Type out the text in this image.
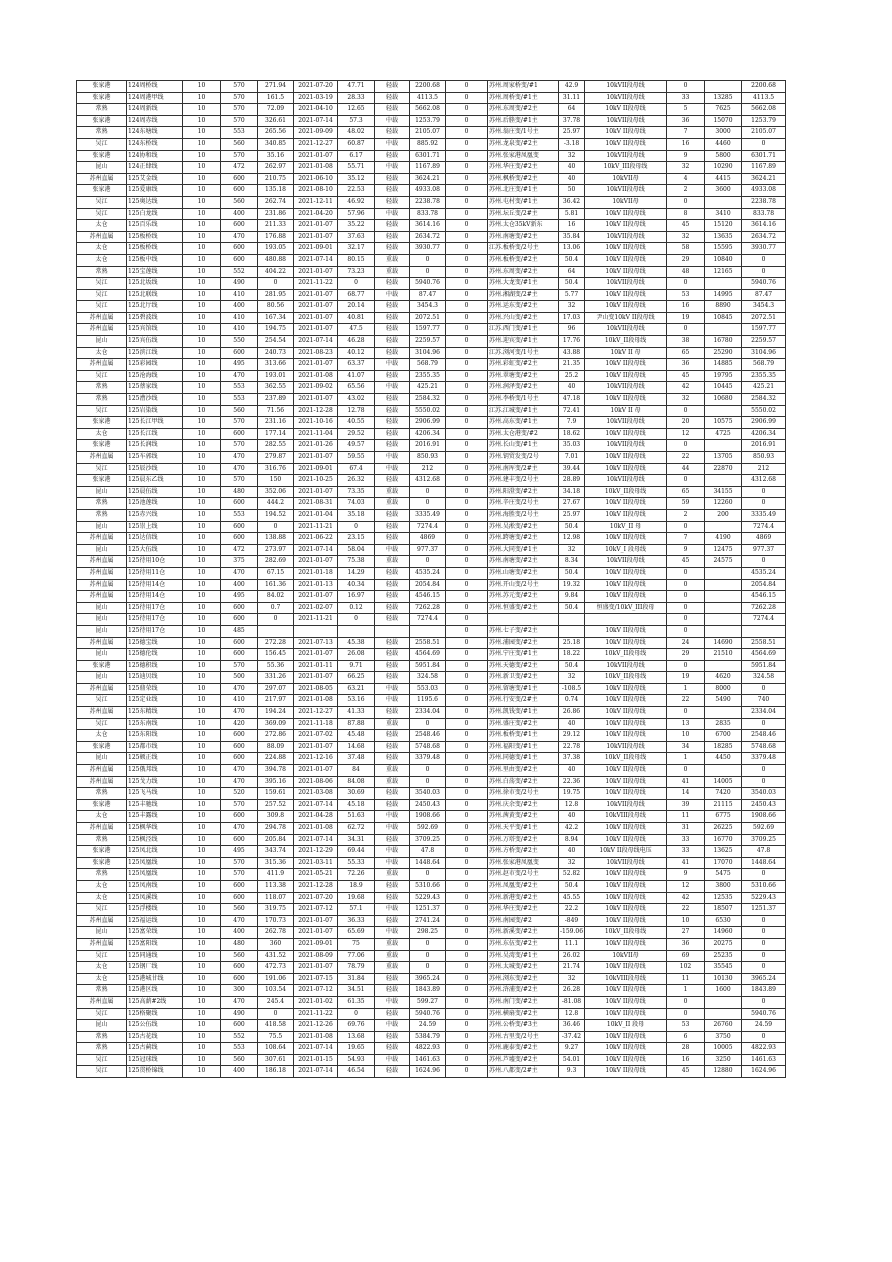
张家港	124周桥线	10	570	271.94	2021-07-20	47.71	轻载	2200.68	0	苏州.周家桥变/#1	42.9	10kVII段母线	0		2200.68
张家港	124周港甲线	10	570	161.5	2021-03-19	28.33	轻载	4113.5	0	苏州.周桥变/#1主	31.11	10kVII段母线	33	13285	4113.5
常熟	124周新线	10	570	72.09	2021-04-10	12.65	轻载	5662.08	0	苏州.东周变/#2主	64	10kV II段母线	5	7625	5662.08
张家港	124周赤线	10	570	326.61	2021-07-14	57.3	中载	1253.79	0	苏州.后塍变/#1主	37.78	10kVII段母线	36	15070	1253.79
常熟	124东塘线	10	553	265.56	2021-09-09	48.02	轻载	2105.07	0	苏州.翁庄变/1号主	25.97	10kV II段母线	7	3000	2105.07
吴江	124东桥线	10	560	340.85	2021-12-27	60.87	中载	885.92	0	苏州.龙泉变/#2主	-3.18	10kV II段母线	16	4460	0
张家港	124协和线	10	570	35.16	2021-01-07	6.17	轻载	6301.71	0	苏州.张家港凤凰变	32	10kVII段母线	9	5800	6301.71
昆山	124正肆线	10	472	262.97	2021-01-08	55.71	中载	1167.89	0	苏州.华庄变/#2主	40	10kV_III段母线	32	10290	1167.89
苏州直属	125艾金线	10	600	210.75	2021-06-10	35.12	轻载	3624.21	0	苏州.枫桥变/#2主	40	10kVII母	4	4415	3624.21
张家港	125爱康线	10	600	135.18	2021-08-10	22.53	轻载	4933.08	0	苏州.北庄变/#1主	50	10kVII段母线	2	3600	4933.08
吴江	125奥达线	10	560	262.74	2021-12-11	46.92	轻载	2238.78	0	苏州.屯村变/#1主	36.42	10kVII母	0		2238.78
吴江	125白龙线	10	400	231.86	2021-04-20	57.96	中载	833.78	0	苏州.坛丘变/2#主	5.81	10kV II段母线	8	3410	833.78
太仓	125百乐线	10	600	211.33	2021-01-07	35.22	轻载	3614.16	0	苏州.太仓35kV新东	16	10kV II段母线	45	15120	3614.16
苏州直属	125板桥线	10	470	176.88	2021-01-07	37.63	轻载	2634.72	0	苏州.南塘变/#2主	35.84	10kVII段母线	32	13635	2634.72
太仓	125板桥线	10	600	193.05	2021-09-01	32.17	轻载	3930.77	0	江苏.板桥变/2号主	13.06	10kV II段母线	58	15595	3930.77
太仓	125板中线	10	600	480.88	2021-07-14	80.15	重载	0	0	苏州.板桥变/#2主	50.4	10kV II段母线	29	10840	0
常熟	125宝莲线	10	552	404.22	2021-01-07	73.23	重载	0	0	苏州.东周变/#2主	64	10kV II段母线	48	12165	0
吴江	125北坂线	10	490	0	2021-11-22	0	轻载	5940.76	0	苏州.大龙变/#1主	50.4	10kVII段母线	0		5940.76
吴江	125北联线	10	410	281.95	2021-01-07	68.77	中载	87.47	0	苏州.湘湖变/2#主	5.77	10kV II段母线	53	14995	87.47
吴江	125北厅线	10	400	80.56	2021-01-07	20.14	轻载	3454.3	0	苏州.运东变/#2主	32	10kV II段母线	16	8890	3454.3
苏州直属	125碧波线	10	410	167.34	2021-01-07	40.81	轻载	2072.51	0	苏州.兴山变/#2主	17.03	尹山变10kV II段母线	19	10845	2072.51
苏州直属	125宾馆线	10	410	194.75	2021-01-07	47.5	轻载	1597.77	0	江苏.西门变/#1主	96	10kVII段母线	0		1597.77
昆山	125宾伍线	10	550	254.54	2021-07-14	46.28	轻载	2259.57	0	苏州.迎宾变/#1主	17.76	10kV_II段母线	38	16780	2259.57
太仓	125滨江线	10	600	240.73	2021-08-23	40.12	轻载	3104.96	0	江苏.浏河变/1号主	43.88	10kV II 母	65	25290	3104.96
苏州直属	125彩园线	10	495	313.66	2021-01-07	63.37	中载	568.79	0	苏州.彩虹变/#2主	21.35	10kV II段母线	36	14885	568.79
吴江	125沧海线	10	470	193.01	2021-01-08	41.07	轻载	2355.35	0	苏州.翠塘变/#2主	25.2	10kV II段母线	45	19795	2355.35
常熟	125蔡家线	10	553	362.55	2021-09-02	65.56	中载	425.21	0	苏州.润泽变/#2主	40	10kVII段母线	42	10445	425.21
常熟	125漕沙线	10	553	237.89	2021-01-07	43.02	轻载	2584.32	0	苏州.李桥变/1号主	47.18	10kV II段母线	32	10680	2584.32
吴江	125岩染线	10	560	71.56	2021-12-28	12.78	轻载	5550.02	0	江苏.江城变/#1主	72.41	10kV II 母	0		5550.02
张家港	125长江甲线	10	570	231.16	2021-10-16	40.55	轻载	2906.99	0	苏州.高东变/#1主	7.9	10kVII段母线	20	10575	2906.99
太仓	125长江线	10	600	177.14	2021-11-04	29.52	轻载	4206.34	0	苏州.太仓港变/#2	18.62	10kV II段母线	12	4725	4206.34
张家港	125长润线	10	570	282.55	2021-01-26	49.57	轻载	2016.91	0	苏州.长山变/#1主	35.03	10kVII段母线	0		2016.91
苏州直属	125车郭线	10	470	279.87	2021-01-07	59.55	中载	850.93	0	苏州.钥贸发变/2号	7.01	10kV II段母线	22	13705	850.93
吴江	125辰沙线	10	470	316.76	2021-09-01	67.4	中载	212	0	苏州.南厍变/2#主	39.44	10kV II段母线	44	22870	212
张家港	125晨东乙线	10	570	150	2021-10-25	26.32	轻载	4312.68	0	苏州.建丰变/2号主	28.89	10kVII段母线	0		4312.68
昆山	125晨伍线	10	480	352.06	2021-01-07	73.35	重载	0	0	苏州.阳澄变/#2主	34.18	10kV_II段母线	65	34155	0
常熟	125池莲线	10	600	444.2	2021-08-31	74.03	重载	0	0	苏州.辛庄变/2号主	27.67	10kV II段母线	59	12260	0
常熟	125赤兴线	10	553	194.52	2021-01-04	35.18	轻载	3335.49	0	苏州.海胜变/2号主	25.97	10kV II段母线	2	200	3335.49
昆山	125崇上线	10	600	0	2021-11-21	0	轻载	7274.4	0	苏州.吴淞变/#2主	50.4	10kV_II 母	0		7274.4
苏州直属	125达信线	10	600	138.88	2021-06-22	23.15	轻载	4869	0	苏州.跨塘变/#2主	12.98	10kV II段母线	7	4190	4869
昆山	125大伍线	10	472	273.97	2021-07-14	58.04	中载	977.37	0	苏州.大同变/#1主	32	10kV_I 段母线	9	12475	977.37
苏州直属	125待用10仓	10	375	282.69	2021-01-07	75.38	重载	0	0	苏州.南塘变/#2主	8.34	10kVII段母线	45	24575	0
苏州直属	125待用11仓	10	470	67.15	2021-01-18	14.29	轻载	4535.24	0	苏州.山塘变/#2主	50.4	10kV II段母线	0		4535.24
苏州直属	125待用14仓	10	400	161.36	2021-01-13	40.34	轻载	2054.84	0	苏州.开山变/2号主	19.32	10kV II段母线	0		2054.84
苏州直属	125待用14仓	10	495	84.02	2021-01-07	16.97	轻载	4546.15	0	苏州.苏元变/#2主	9.84	10kV II段母线	0		4546.15
昆山	125待用17仓	10	600	0.7	2021-02-07	0.12	轻载	7262.28	0	苏州.恒盛变/#2主	50.4	恒盛变/10kV_III段母	0		7262.28
昆山	125待用17仓	10	600	0	2021-11-21	0	轻载	7274.4	0				0		7274.4
昆山	125待用17仓	10	485						0	苏州.七子变/#2主		10kV II段母线	0		
苏州直属	125德宝线	10	600	272.28	2021-07-13	45.38	轻载	2558.51	0	苏州.浦园变/#2主	25.18	10kV II段母线	24	14690	2558.51
昆山	125德伦线	10	600	156.45	2021-01-07	26.08	轻载	4564.69	0	苏州.宁庄变/#1主	18.22	10kV_II段母线	29	21510	4564.69
张家港	125德积线	10	570	55.36	2021-01-11	9.71	轻载	5951.84	0	苏州.天德变/#2主	50.4	10kVII段母线	0		5951.84
昆山	125迪贝线	10	500	331.26	2021-01-07	66.25	轻载	324.58	0	苏州.新卫变/#2主	32	10kV_II段母线	19	4620	324.58
苏州直属	125鼎荣线	10	470	297.07	2021-08-05	63.21	中载	553.03	0	苏州.留塘变/#1主	-108.5	10kV II段母线	1	8000	0
吴江	125定业线	10	410	217.97	2021-01-08	53.16	中载	1195.6	0	苏州.行安变/2#主	0.74	10kV II段母线	22	5490	740
苏州直属	125东精线	10	470	194.24	2021-12-27	41.33	轻载	2334.04	0	苏州.凯钱变/#1主	26.86	10kV II段母线	0		2334.04
吴江	125东南线	10	420	369.09	2021-11-18	87.88	重载	0	0	苏州.盛庄变/#2主	40	10kV II段母线	13	2835	0
太仓	125东阳线	10	600	272.86	2021-07-02	45.48	轻载	2548.46	0	苏州.板桥变/#1主	29.12	10kV II段母线	10	6700	2548.46
张家港	125都市线	10	600	88.09	2021-01-07	14.68	轻载	5748.68	0	苏州.福阳变/#1主	22.78	10kVII段母线	34	18285	5748.68
昆山	125顿正线	10	600	224.88	2021-12-16	37.48	轻载	3379.48	0	苏州.同德变/#1主	37.38	10kV_II段母线	1	4450	3379.48
苏州直属	125俄邦线	10	470	394.78	2021-01-07	84	重载	0	0	苏州.里由变/#2主	40	10kV II段母线	0		0
苏州直属	125戈力线	10	470	395.16	2021-08-06	84.08	重载	0	0	苏州.白荡变/#2主	22.36	10kV II段母线	41	14005	0
常熟	125飞马线	10	520	159.61	2021-03-08	30.69	轻载	3540.03	0	苏州.徐市变/2号主	19.75	10kV II段母线	14	7420	3540.03
张家港	125丰驰线	10	570	257.52	2021-07-14	45.18	轻载	2450.43	0	苏州.庆余变/#2主	12.8	10kVII段母线	39	21115	2450.43
太仓	125丰露线	10	600	309.8	2021-04-28	51.63	中载	1908.66	0	苏州.茜黄变/#2主	40	10kVIII段母线	11	6775	1908.66
苏州直属	125枫华线	10	470	294.78	2021-01-08	62.72	中载	592.69	0	苏州.天平变/#1主	42.2	10kV II段母线	31	26225	592.69
常熟	125枫泾线	10	600	205.84	2021-07-14	34.31	轻载	3709.25	0	苏州.万塔变/#2主	8.94	10kV II段母线	33	16770	3709.25
张家港	125凤北线	10	495	343.74	2021-12-29	69.44	中载	47.8	0	苏州.方桥变/#2主	40	10kV II段母线电压	33	13625	47.8
张家港	125凤凰线	10	570	315.36	2021-03-11	55.33	中载	1448.64	0	苏州.张家港凤凰变	32	10kVII段母线	41	17070	1448.64
常熟	125凤凰线	10	570	411.9	2021-05-21	72.26	重载	0	0	苏州.赵市变/2号主	52.82	10kV II段母线	9	5475	0
太仓	125凤南线	10	600	113.38	2021-12-28	18.9	轻载	5310.66	0	苏州.凤凰变/#2主	50.4	10kV II段母线	12	3800	5310.66
太仓	125凤溪线	10	600	118.07	2021-07-20	19.68	轻载	5229.43	0	苏州.新港变/#2主	45.55	10kV II段母线	42	12535	5229.43
吴江	125浮楼线	10	560	319.75	2021-07-12	57.1	中载	1251.37	0	苏州.华庄变/#2主	22.2	10kV II段母线	22	18507	1251.37
苏州直属	125福运线	10	470	170.73	2021-01-07	36.33	轻载	2741.24	0	苏州.南园变/#2	-849	10kV II段母线	10	6530	0
昆山	125富荣线	10	400	262.78	2021-01-07	65.69	中载	298.25	0	苏州.新溪变/#2主	-159.06	10kV_II段母线	27	14960	0
苏州直属	125富阳线	10	480	360	2021-09-01	75	重载	0	0	苏州.东伍变/#2主	11.1	10kV II段母线	36	20275	0
吴江	125同通线	10	560	431.52	2021-08-09	77.06	重载	0	0	苏州.吴湾变/#1主	26.02	10kVII母	69	25235	0
太仓	125钢厂线	10	600	472.73	2021-01-07	78.79	重载	0	0	苏州.太城变/#2主	21.74	10kV II段母线	102	35545	0
太仓	125港城甘线	10	600	191.06	2021-07-15	31.84	轻载	3965.24	0	苏州.浏东变/#2主	32	10kVIII段母线	11	10130	3965.24
常熟	125港区线	10	300	103.54	2021-07-12	34.51	轻载	1843.89	0	苏州.浒浦变/#2主	26.28	10kV II段母线	1	1600	1843.89
苏州直属	125高薪#2线	10	470	245.4	2021-01-02	61.35	中载	599.27	0	苏州.南门变/#2主	-81.08	10kV II段母线	0		0
吴江	125格聚线	10	490	0	2021-11-22	0	轻载	5940.76	0	苏州.横扇变/#2主	12.8	10kV II段母线	0		5940.76
昆山	125公伍线	10	600	418.58	2021-12-26	69.76	中载	24.59	0	苏州.公桥变/#3主	36.46	10kV_II 段母	53	26760	24.59
常熟	125古花线	10	552	75.5	2021-01-08	13.68	轻载	5384.79	0	苏州.古里变/2号主	-37.42	10kV II段母线	6	3750	0
常熟	125古蓟线	10	553	108.64	2021-07-14	19.65	轻载	4822.93	0	苏州.鹿泰变/#2主	9.27	10kV II段母线	28	10005	4822.93
吴江	125冠球线	10	560	307.61	2021-01-15	54.93	中载	1461.63	0	苏州.芦墟变/#2主	54.01	10kV II段母线	16	3250	1461.63
吴江	125贯桥锦线	10	400	186.18	2021-07-14	46.54	轻载	1624.96	0	苏州.八都变/2#主	9.3	10kV II段母线	45	12880	1624.96
